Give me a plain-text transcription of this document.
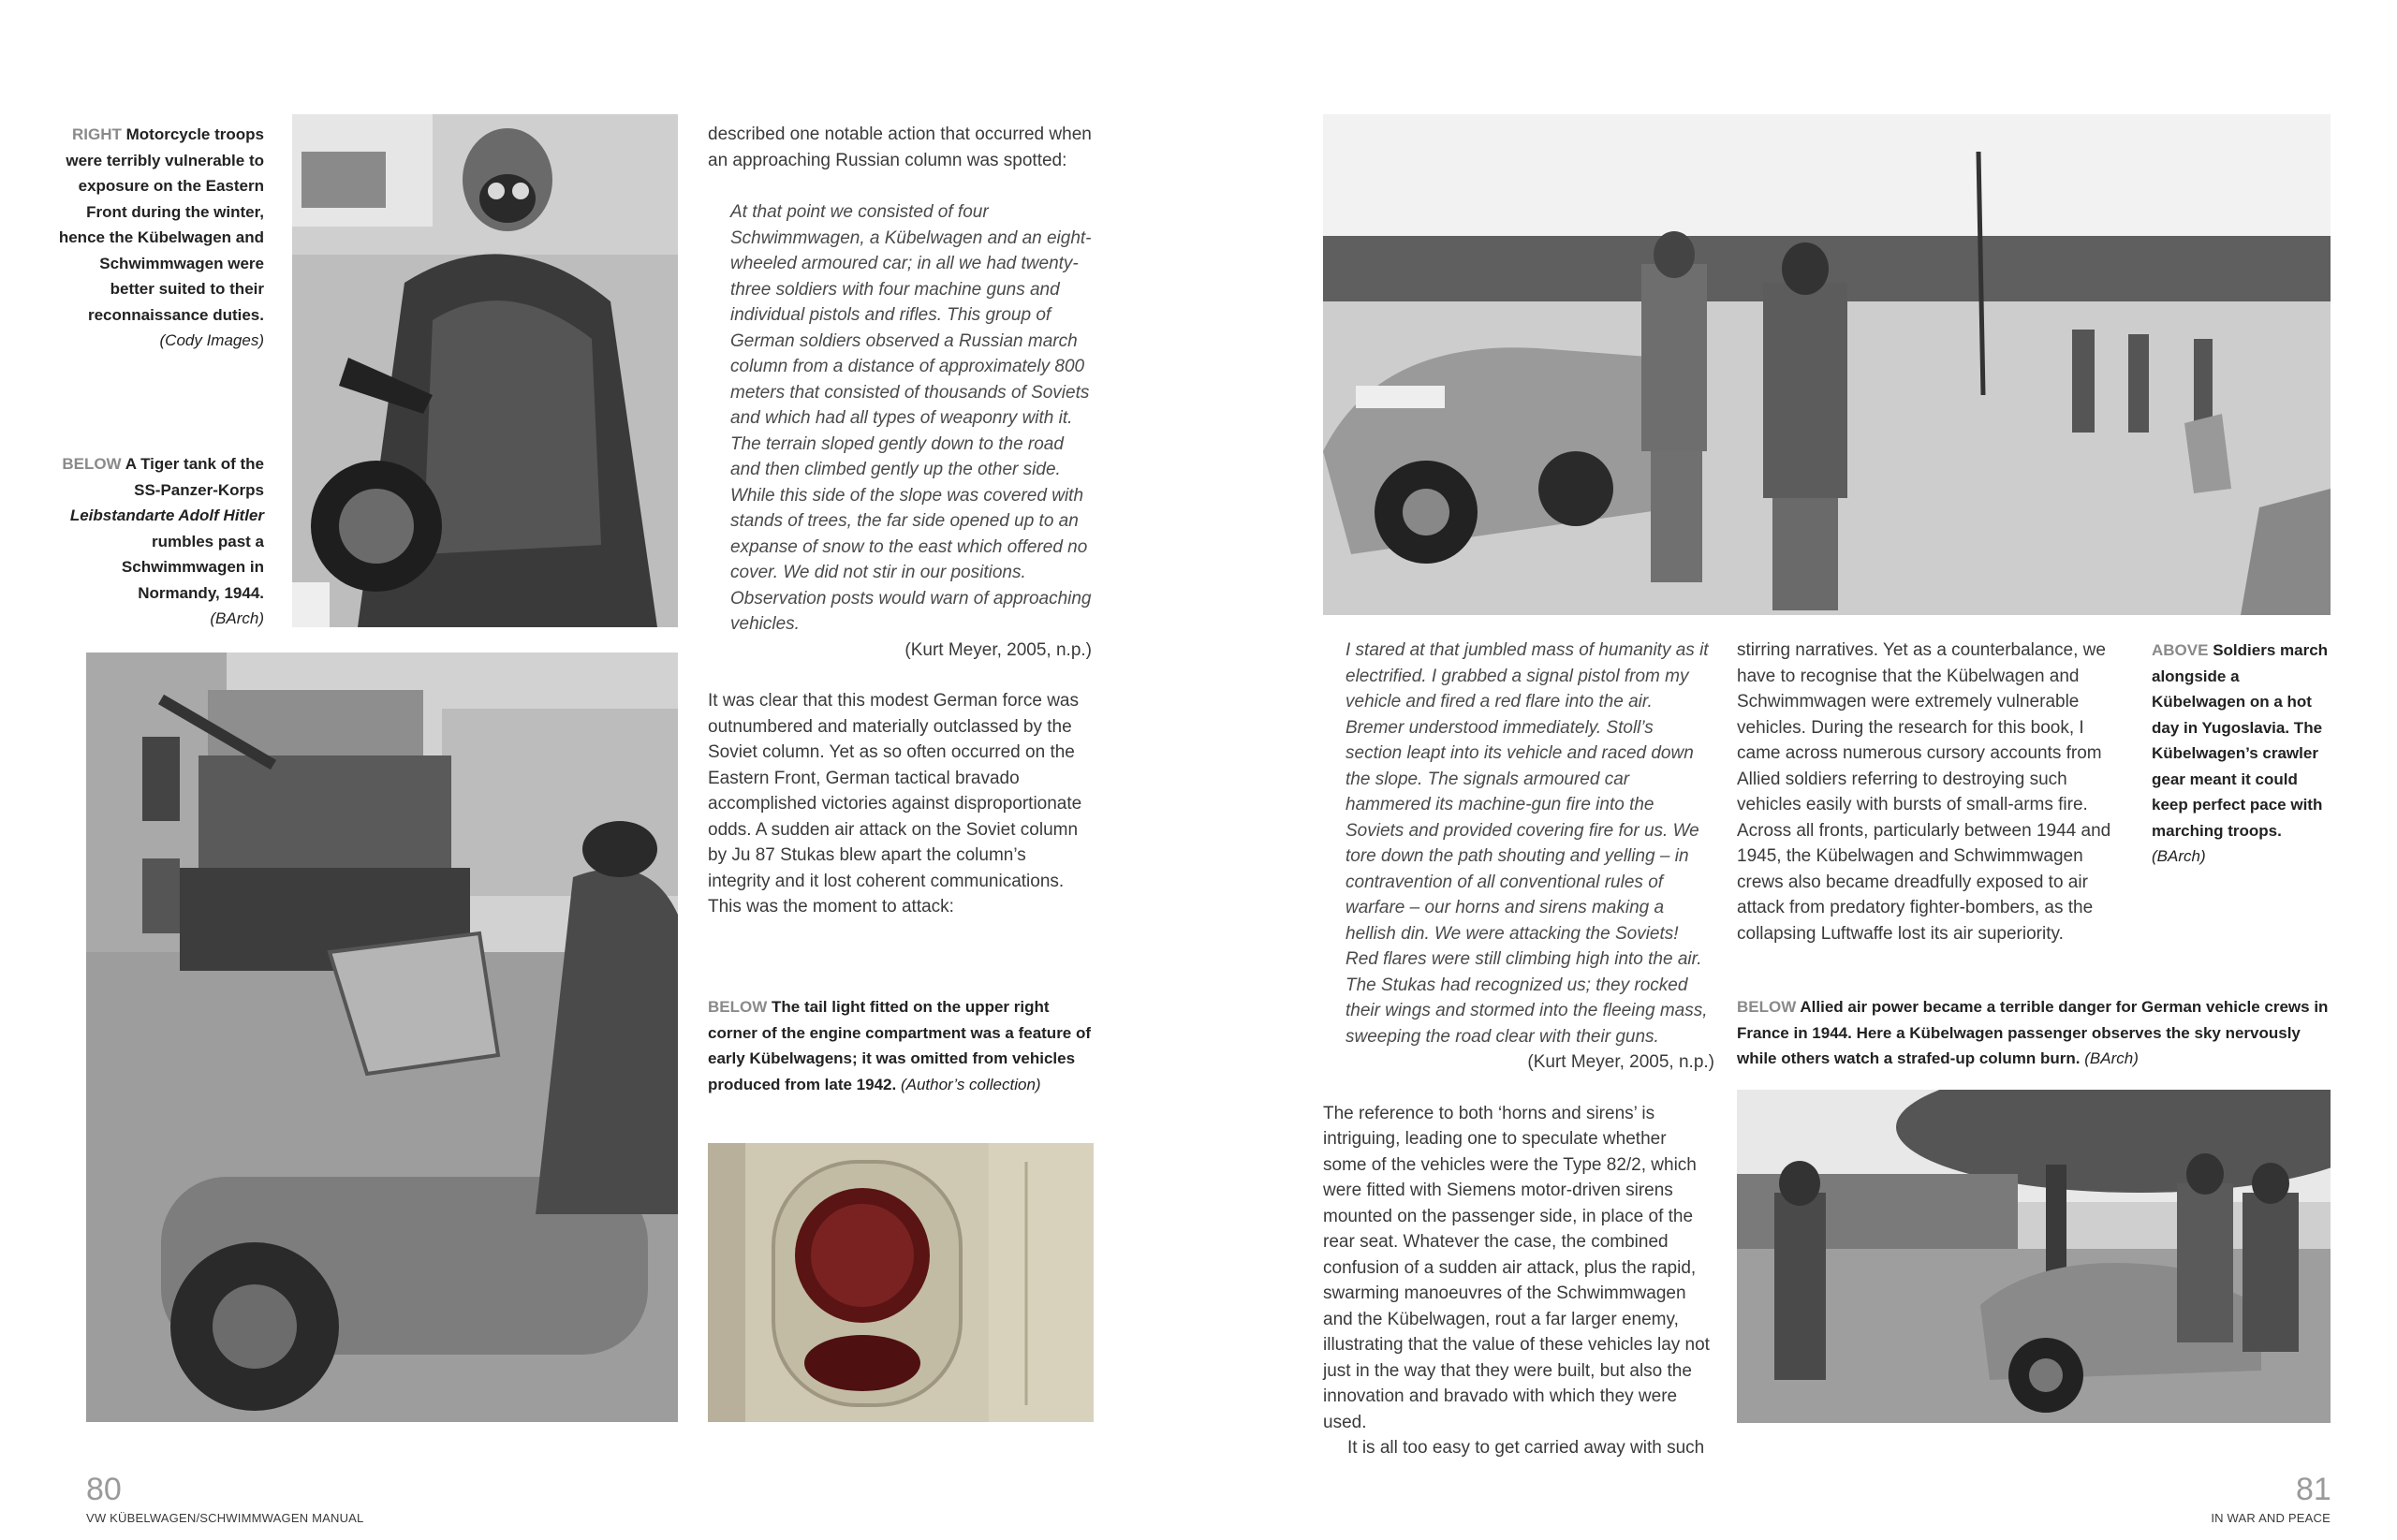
RIGHT Motorcycle troops were terribly vulnerable to exposure on the Eastern Front during the winter, hence the Kübelwagen and Schwimmwagen were better suited to their reconnaissance duties. (Cody Images)
BELOW A Tiger tank of the SS-Panzer-Korps Leibstandarte Adolf Hitler rumbles past a Schwimmwagen in Normandy, 1944.
(BArch)

described one notable action that occurred when an approaching Russian column was spotted:

At that point we consisted of four Schwimmwagen, a Kübelwagen and an eight-wheeled armoured car; in all we had twenty-three soldiers with four machine guns and individual pistols and rifles. This group of German soldiers observed a Russian march column from a distance of approximately 800 meters that consisted of thousands of Soviets and which had all types of weaponry with it. The terrain sloped gently down to the road and then climbed gently up the other side. While this side of the slope was covered with stands of trees, the far side opened up to an expanse of snow to the east which offered no cover. We did not stir in our positions. Observation posts would warn of approaching vehicles.

(Kurt Meyer, 2005, n.p.)

It was clear that this modest German force was outnumbered and materially outclassed by the Soviet column. Yet as so often occurred on the Eastern Front, German tactical bravado accomplished victories against disproportionate odds. A sudden air attack on the Soviet column by Ju 87 Stukas blew apart the column’s integrity and it lost coherent communications. This was the moment to attack:

BELOW The tail light fitted on the upper right corner of the engine compartment was a feature of early Kübelwagens; it was omitted from vehicles produced from late 1942. (Author’s collection)
80
VW KÜBELWAGEN/SCHWIMMWAGEN MANUAL

I stared at that jumbled mass of humanity as it electrified. I grabbed a signal pistol from my vehicle and fired a red flare into the air. Bremer understood immediately. Stoll’s section leapt into its vehicle and raced down the slope. The signals armoured car hammered its machine-gun fire into the Soviets and provided covering fire for us. We tore down the path shouting and yelling – in contravention of all conventional rules of warfare – our horns and sirens making a hellish din. We were attacking the Soviets! Red flares were still climbing high into the air. The Stukas had recognized us; they rocked their wings and stormed into the fleeing mass, sweeping the road clear with their guns.

(Kurt Meyer, 2005, n.p.)

The reference to both ‘horns and sirens’ is intriguing, leading one to speculate whether some of the vehicles were the Type 82/2, which were fitted with Siemens motor-driven sirens mounted on the passenger side, in place of the rear seat. Whatever the case, the combined confusion of a sudden air attack, plus the rapid, swarming manoeuvres of the Schwimmwagen and the Kübelwagen, rout a far larger enemy, illustrating that the value of these vehicles lay not just in the way that they were built, but also the innovation and bravado with which they were used.

It is all too easy to get carried away with such

stirring narratives. Yet as a counterbalance, we have to recognise that the Kübelwagen and Schwimmwagen were extremely vulnerable vehicles. During the research for this book, I came across numerous cursory accounts from Allied soldiers referring to destroying such vehicles easily with bursts of small-arms fire. Across all fronts, particularly between 1944 and 1945, the Kübelwagen and Schwimmwagen crews also became dreadfully exposed to air attack from predatory fighter-bombers, as the collapsing Luftwaffe lost its air superiority.

ABOVE Soldiers march alongside a Kübelwagen on a hot day in Yugoslavia. The Kübelwagen’s crawler gear meant it could keep perfect pace with marching troops. (BArch)
BELOW Allied air power became a terrible danger for German vehicle crews in France in 1944. Here a Kübelwagen passenger observes the sky nervously while others watch a strafed-up column burn. (BArch)
81
IN WAR AND PEACE
